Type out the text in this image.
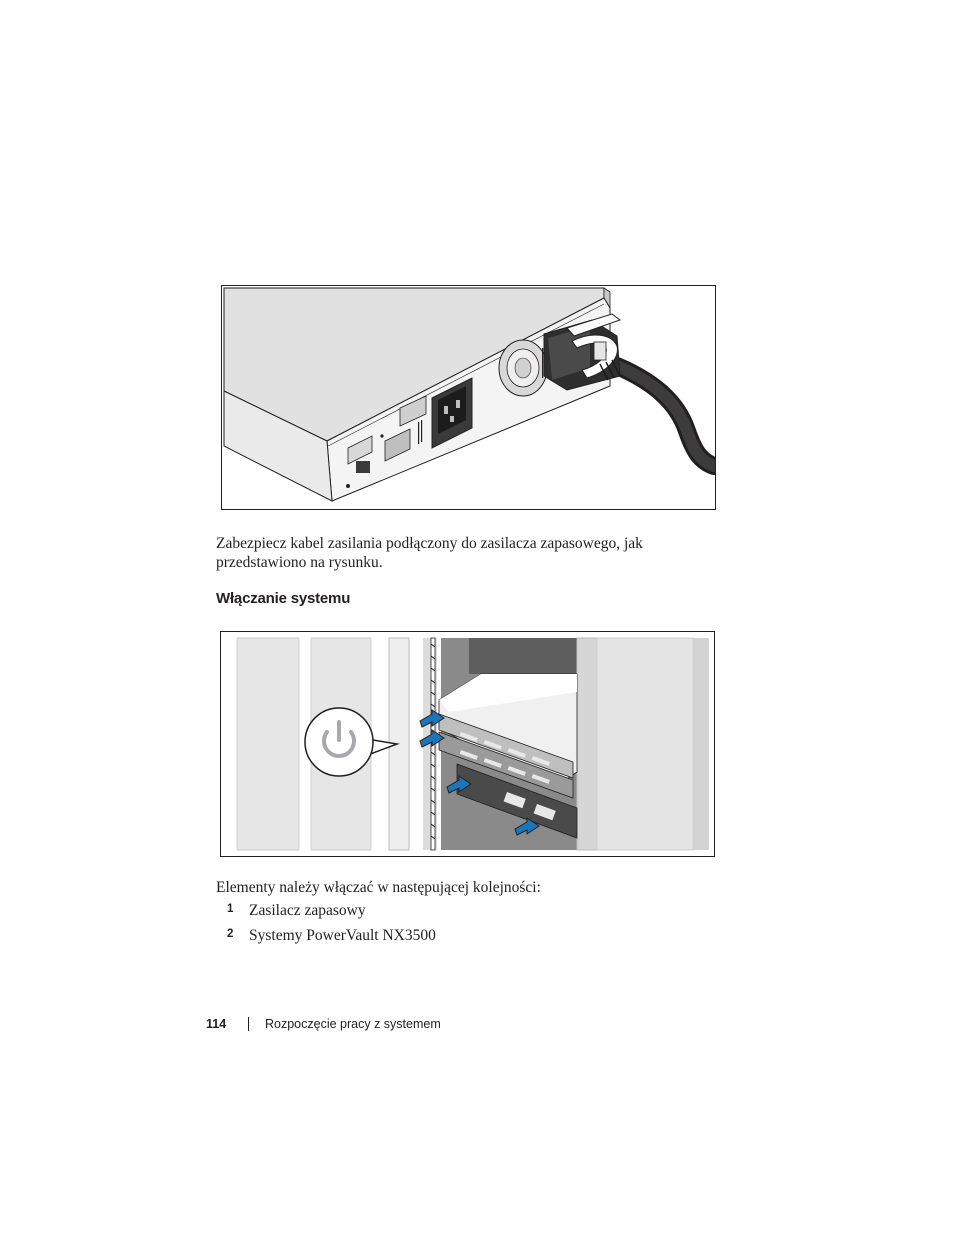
Zabezpiecz kabel zasilania podłączony do zasilacza zapasowego, jak przedstawiono na rysunku.

Włączanie systemu

Elementy należy włączać w następującej kolejności:

1 Zasilacz zapasowy
2 Systemy PowerVault NX3500
114	Rozpoczęcie pracy z systemem
